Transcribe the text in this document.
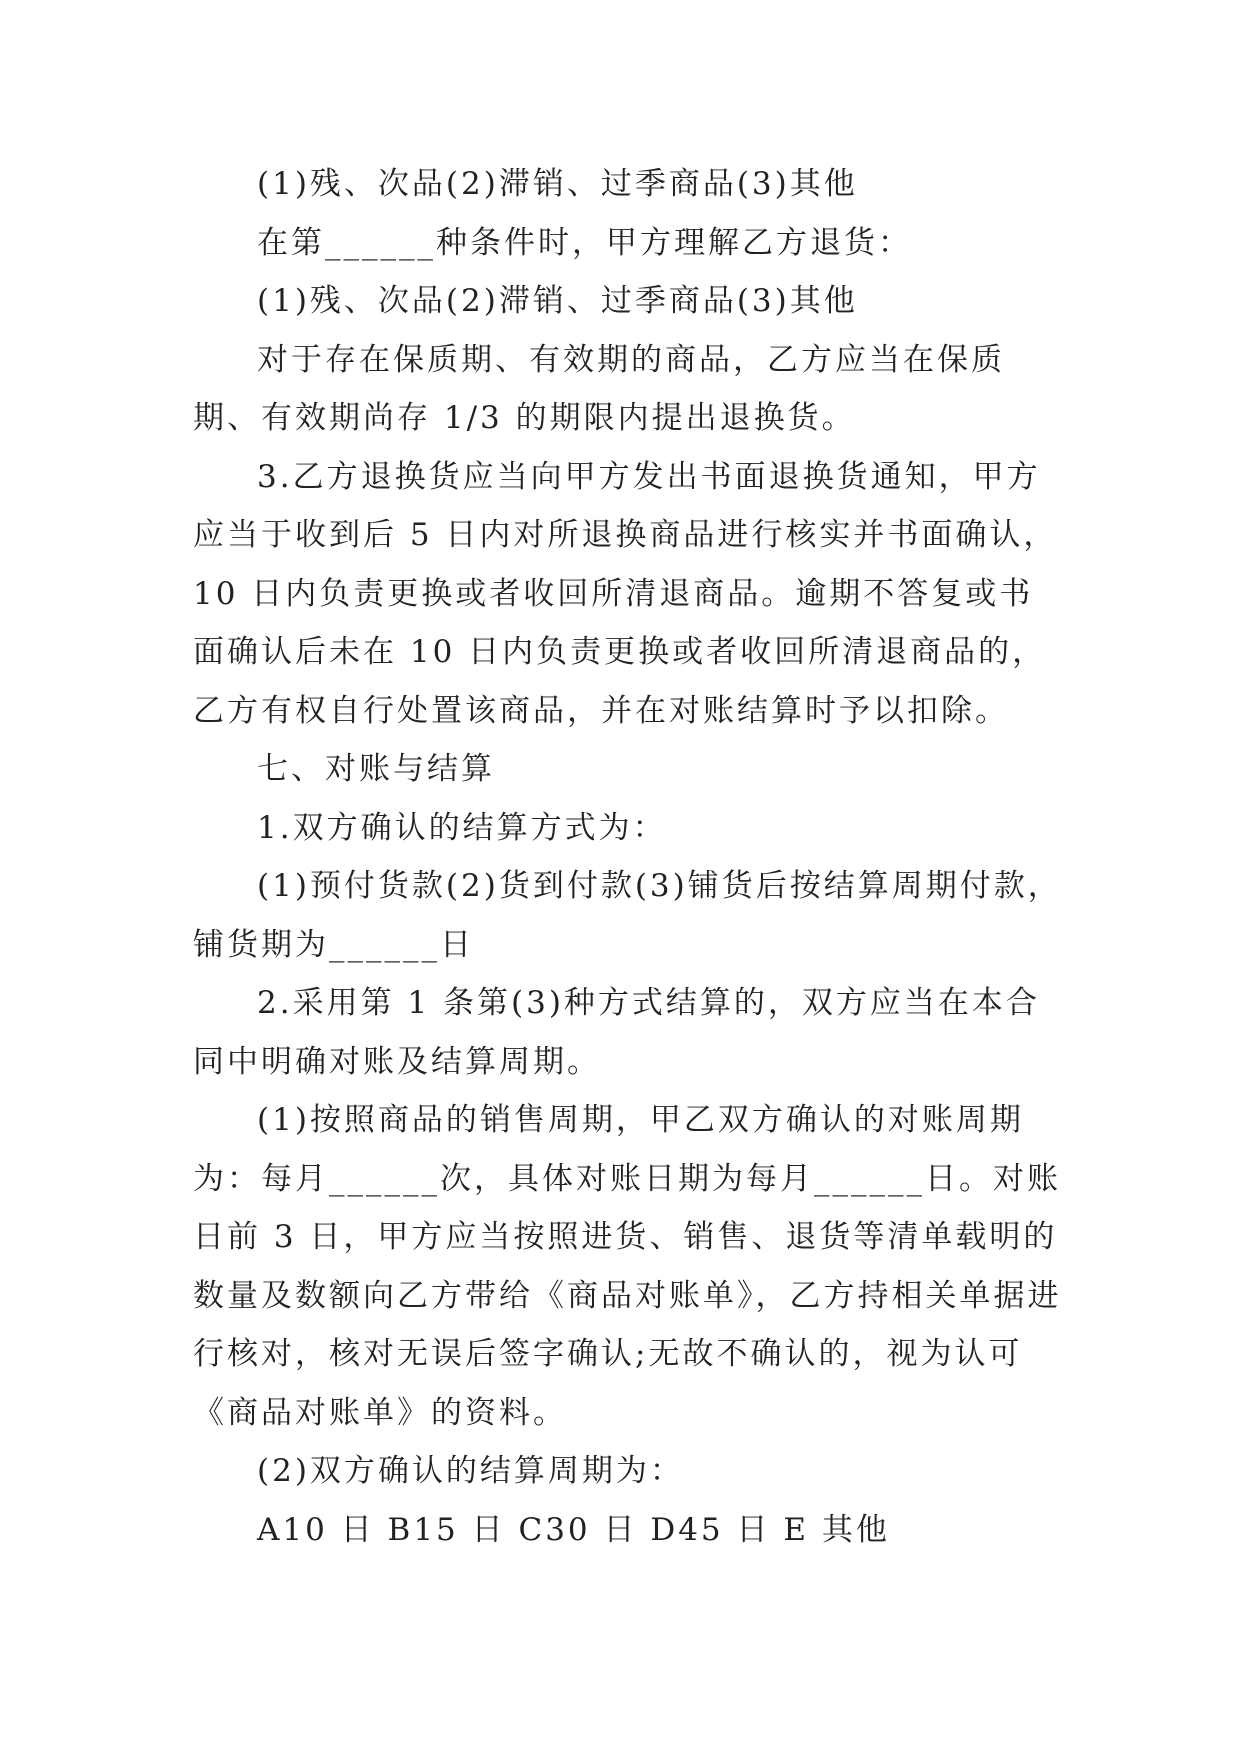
(1)残、次品(2)滞销、过季商品(3)其他

在第______种条件时，甲方理解乙方退货：

(1)残、次品(2)滞销、过季商品(3)其他

对于存在保质期、有效期的商品，乙方应当在保质期、有效期尚存 1/3 的期限内提出退换货。

3.乙方退换货应当向甲方发出书面退换货通知，甲方应当于收到后 5 日内对所退换商品进行核实并书面确认，10 日内负责更换或者收回所清退商品。逾期不答复或书面确认后未在 10 日内负责更换或者收回所清退商品的，乙方有权自行处置该商品，并在对账结算时予以扣除。

七、对账与结算

1.双方确认的结算方式为：

(1)预付货款(2)货到付款(3)铺货后按结算周期付款，铺货期为______日

2.采用第 1 条第(3)种方式结算的，双方应当在本合同中明确对账及结算周期。

(1)按照商品的销售周期，甲乙双方确认的对账周期为：每月______次，具体对账日期为每月______日。对账日前 3 日，甲方应当按照进货、销售、退货等清单载明的数量及数额向乙方带给《商品对账单》，乙方持相关单据进行核对，核对无误后签字确认;无故不确认的，视为认可《商品对账单》的资料。

(2)双方确认的结算周期为：

A10 日 B15 日 C30 日 D45 日 E 其他
